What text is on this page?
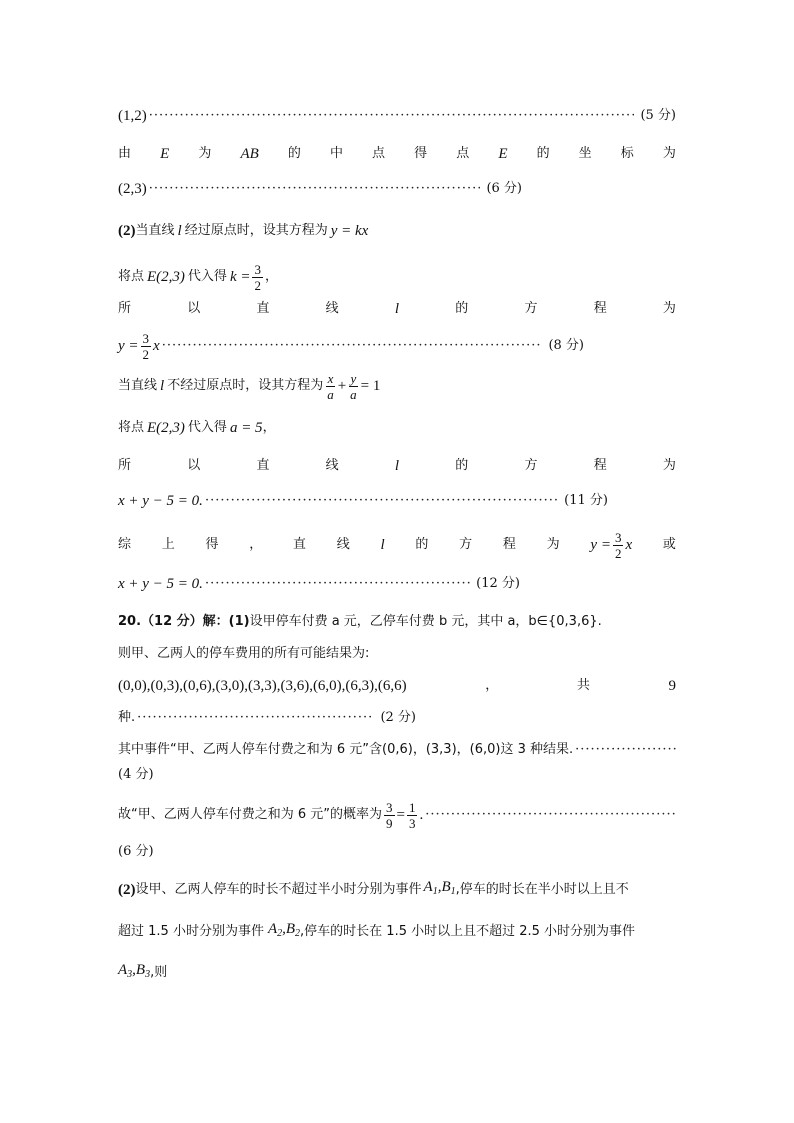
(1,2) ·····	(5 分)
由 E 为 AB 的 中 点 得 点 E 的 坐 标 为
(2,3) ·····	(6 分)
(2) 当直线 l 经过原点时，设其方程为 y = kx
将点 E(2,3) 代入得 $k = \frac{3}{2}$ ，
所	以	直	线	l	的	方	程	为
$y = \frac{3}{2}$ x ·····	(8 分)
当直线 l 不经过原点时，设其方程为 $\frac{x}{a} + \frac{y}{a} = 1$
将点 E(2,3) 代入得 a = 5 ，
所	以	直	线	l	的	方	程	为
x + y − 5 = 0. ·····	(11 分)
综 上 得 ， 直 线 l 的 方 程 为 $y = \frac{3}{2}$ x 或
x + y − 5 = 0. ·····	(12 分)
20.（12 分）解：(1) 设甲停车付费 a 元，乙停车付费 b 元，其中 a，b∈{0,3,6}.
则甲、乙两人的停车费用的所有可能结果为:
(0,0),(0,3),(0,6),(3,0),(3,3),(3,6),(6,0),(6,3),(6,6)	，	共	9
种. ·····	(2 分)
其中事件“甲、乙两人停车付费之和为 6 元”含(0,6)，(3,3)，(6,0)这 3 种结果.
·····
(4 分)
故“甲、乙两人停车付费之和为 6 元”的概率为 $\frac{3}{9} = \frac{1}{3}$ .
·····
(6 分)
(2) 设甲、乙两人停车的时长不超过半小时分别为事件 $A_1,B_1$ ,停车的时长在半小时以上且不
超过 1.5 小时分别为事件 $A_2,B_2$ ,停车的时长在 1.5 小时以上且不超过 2.5 小时分别为事件
$A_3,B_3$ ,则
